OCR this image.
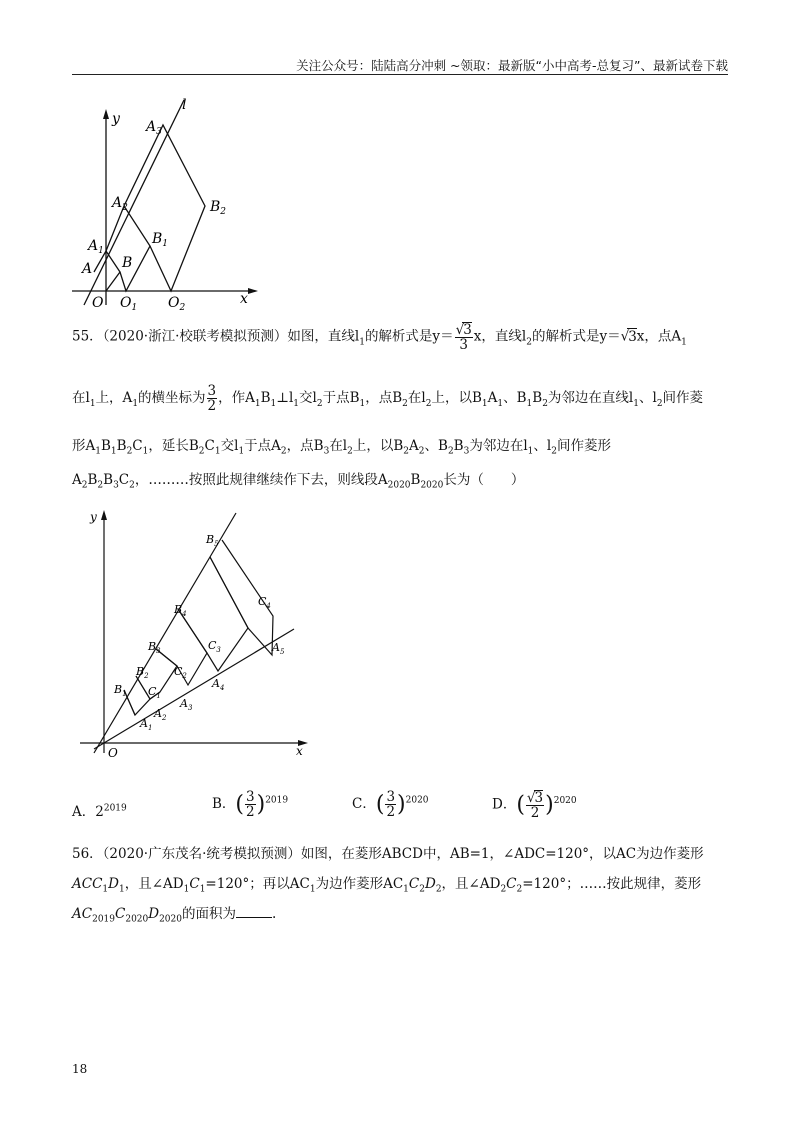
关注公众号：陆陆高分冲刺 ~领取：最新版“小中高考-总复习”、最新试卷下载
y
x
l
O $O_1$ $O_2$
A
$A_1$
$A_2$
$A_3$
B
$B_1$
$B_2$
55．（2020·浙江·校联考模拟预测）如图，直线$l_1$的解析式是$y= \frac{√3}{3}$ x，直线$l_2$的解析式是y＝√3x，点$A_1$
在$l_1$上，$A_1$的横坐标为 $\frac{3}{2}$ ，作$A_1B_1\perp l_1$交$l_2$于点$B_1$，点$B_2$在$l_2$上，以$B_1A_1$、$B_1B_2$为邻边在直线$l_1$、$l_2$间作菱
形$A_1B_1B_2C_1$，延长$B_2C_1$交$l_1$于点$A_2$，点$B_3$在$l_2$上，以$B_2A_2$、$B_2B_3$为邻边在$l_1$、$l_2$间作菱形
$A_2B_2B_3C_2$，………按照此规律继续作下去，则线段$A_{2020}B_{2020}$长为（　　）
y
x
O
$B_1$
$B_2$
$B_3$
$B_4$
$B_5$
$C_1$
$C_2$
$C_3$
$C_4$
$A_1$
$A_2$
$A_3$
$A_4$
$A_5$
A．$2^{2019}$	B．( $\frac{3}{2} )^{2019}$	C．( $\frac{3}{2} )^{2020}$	D．( $\frac{√3}{2} )^{2020}$
56．（2020·广东茂名·统考模拟预测）如图，在菱形ABCD中，AB=1，∠ADC=120°，以AC为边作菱形
$ACC_1D_1$，且$\angle AD_1C_1=120^\circ$；再以$AC_1$为边作菱形$AC_1C_2D_2$，且$\angle AD_2C_2=120^\circ$；……按此规律，菱形
$AC_{2019}C_{2020}D_{2020}$的面积为	.
18
